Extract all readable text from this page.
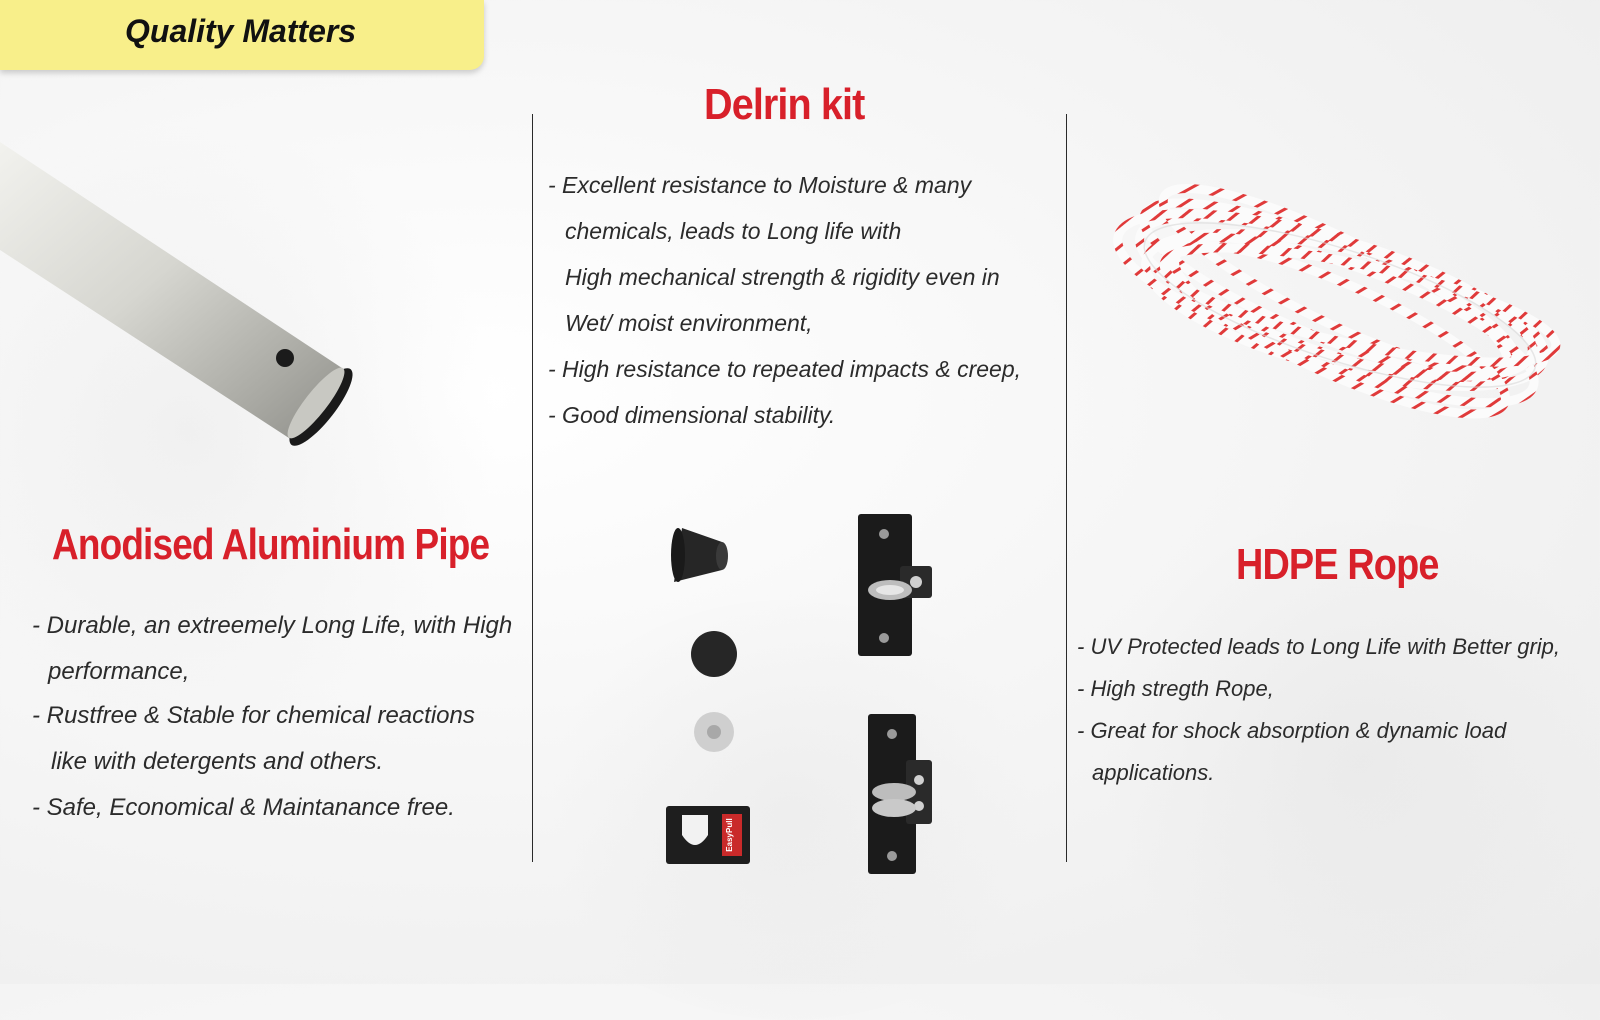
Quality Matters
Delrin kit
- Excellent resistance to Moisture & many
chemicals, leads to Long life with
High mechanical strength & rigidity even in
Wet/ moist environment,
- High resistance to repeated impacts & creep,
- Good dimensional stability.
EasyPull
Anodised Aluminium Pipe
- Durable, an extreemely Long Life, with High
performance,
- Rustfree & Stable for chemical reactions
like with detergents and others.
- Safe, Economical & Maintanance free.
HDPE Rope
- UV Protected leads to Long Life with Better grip,
- High stregth Rope,
- Great for shock absorption & dynamic load
applications.
